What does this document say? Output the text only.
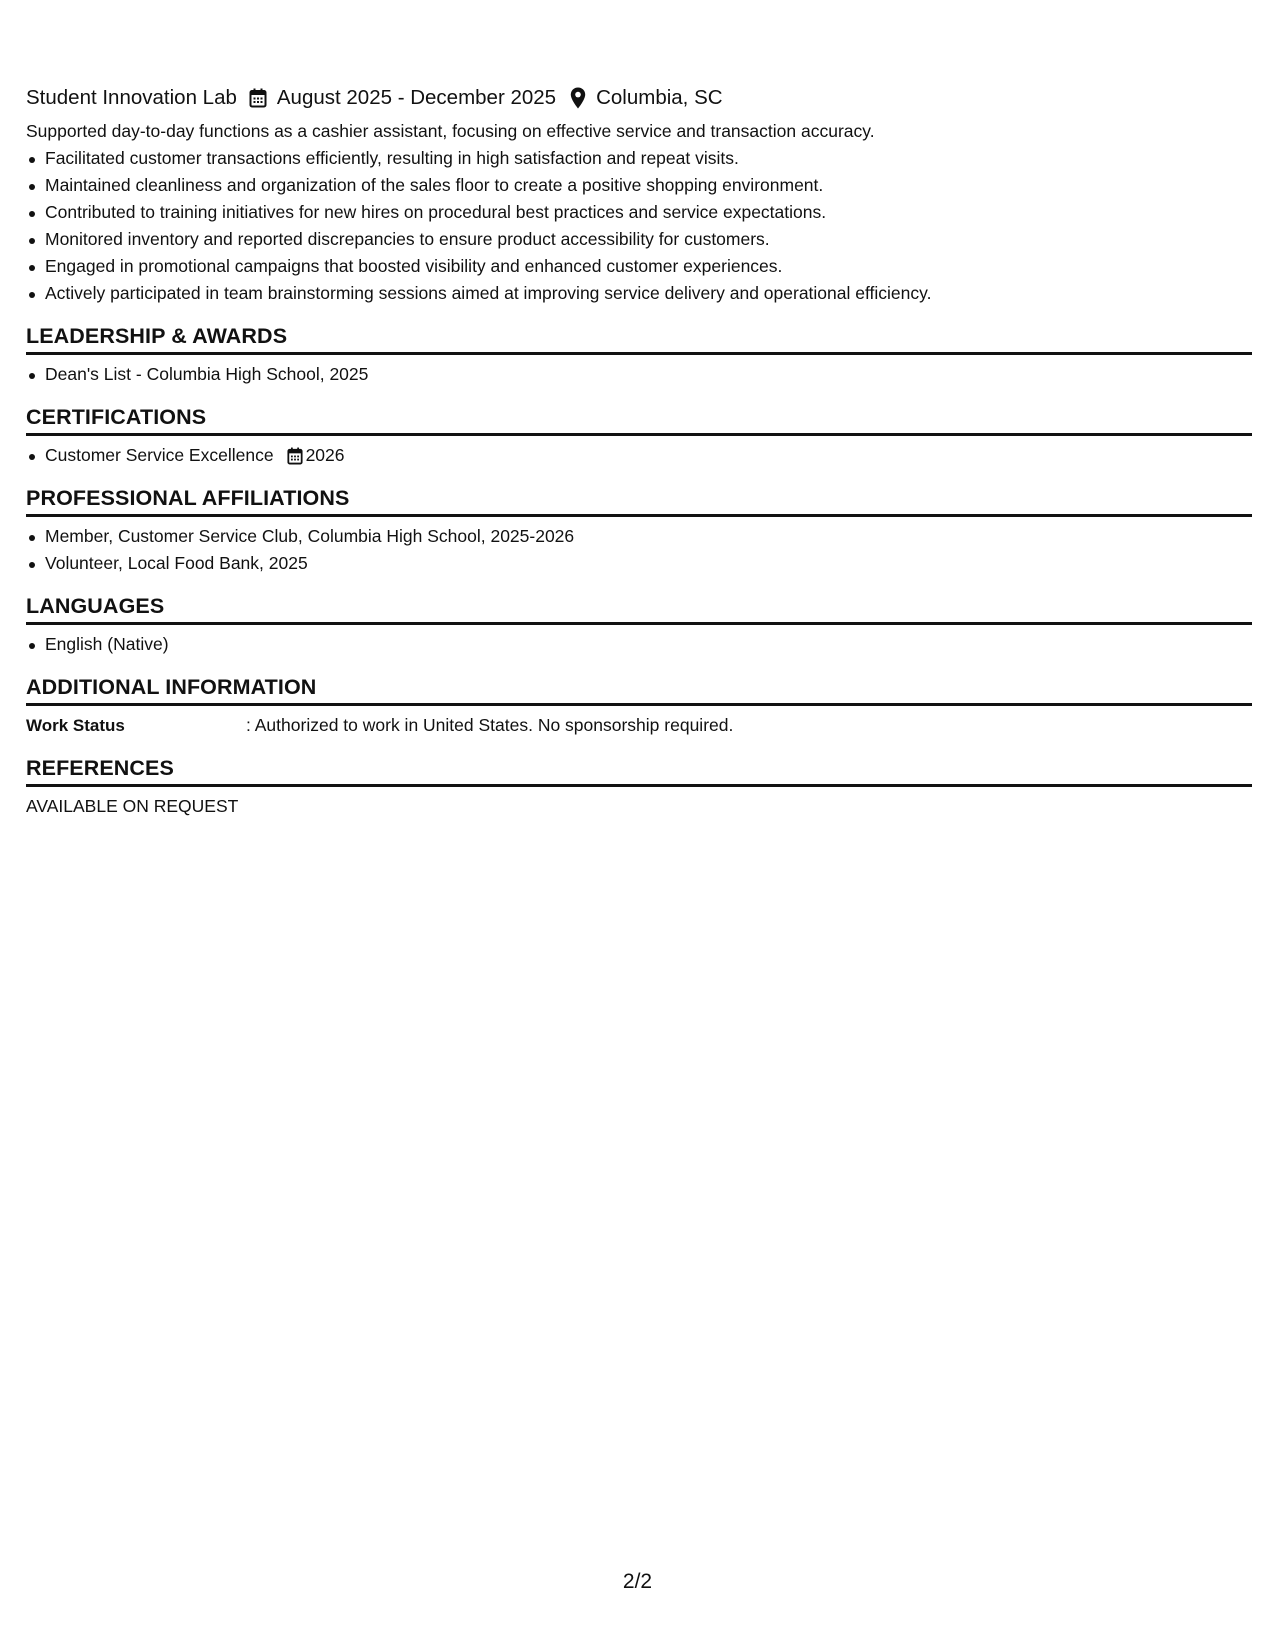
Student Innovation Lab August 2025 - December 2025 Columbia, SC
Supported day-to-day functions as a cashier assistant, focusing on effective service and transaction accuracy.
Facilitated customer transactions efficiently, resulting in high satisfaction and repeat visits.
Maintained cleanliness and organization of the sales floor to create a positive shopping environment.
Contributed to training initiatives for new hires on procedural best practices and service expectations.
Monitored inventory and reported discrepancies to ensure product accessibility for customers.
Engaged in promotional campaigns that boosted visibility and enhanced customer experiences.
Actively participated in team brainstorming sessions aimed at improving service delivery and operational efficiency.
LEADERSHIP & AWARDS
Dean's List - Columbia High School, 2025
CERTIFICATIONS
Customer Service Excellence 2026
PROFESSIONAL AFFILIATIONS
Member, Customer Service Club, Columbia High School, 2025-2026
Volunteer, Local Food Bank, 2025
LANGUAGES
English (Native)
ADDITIONAL INFORMATION
Work Status	: Authorized to work in United States. No sponsorship required.
REFERENCES
AVAILABLE ON REQUEST
2/2
